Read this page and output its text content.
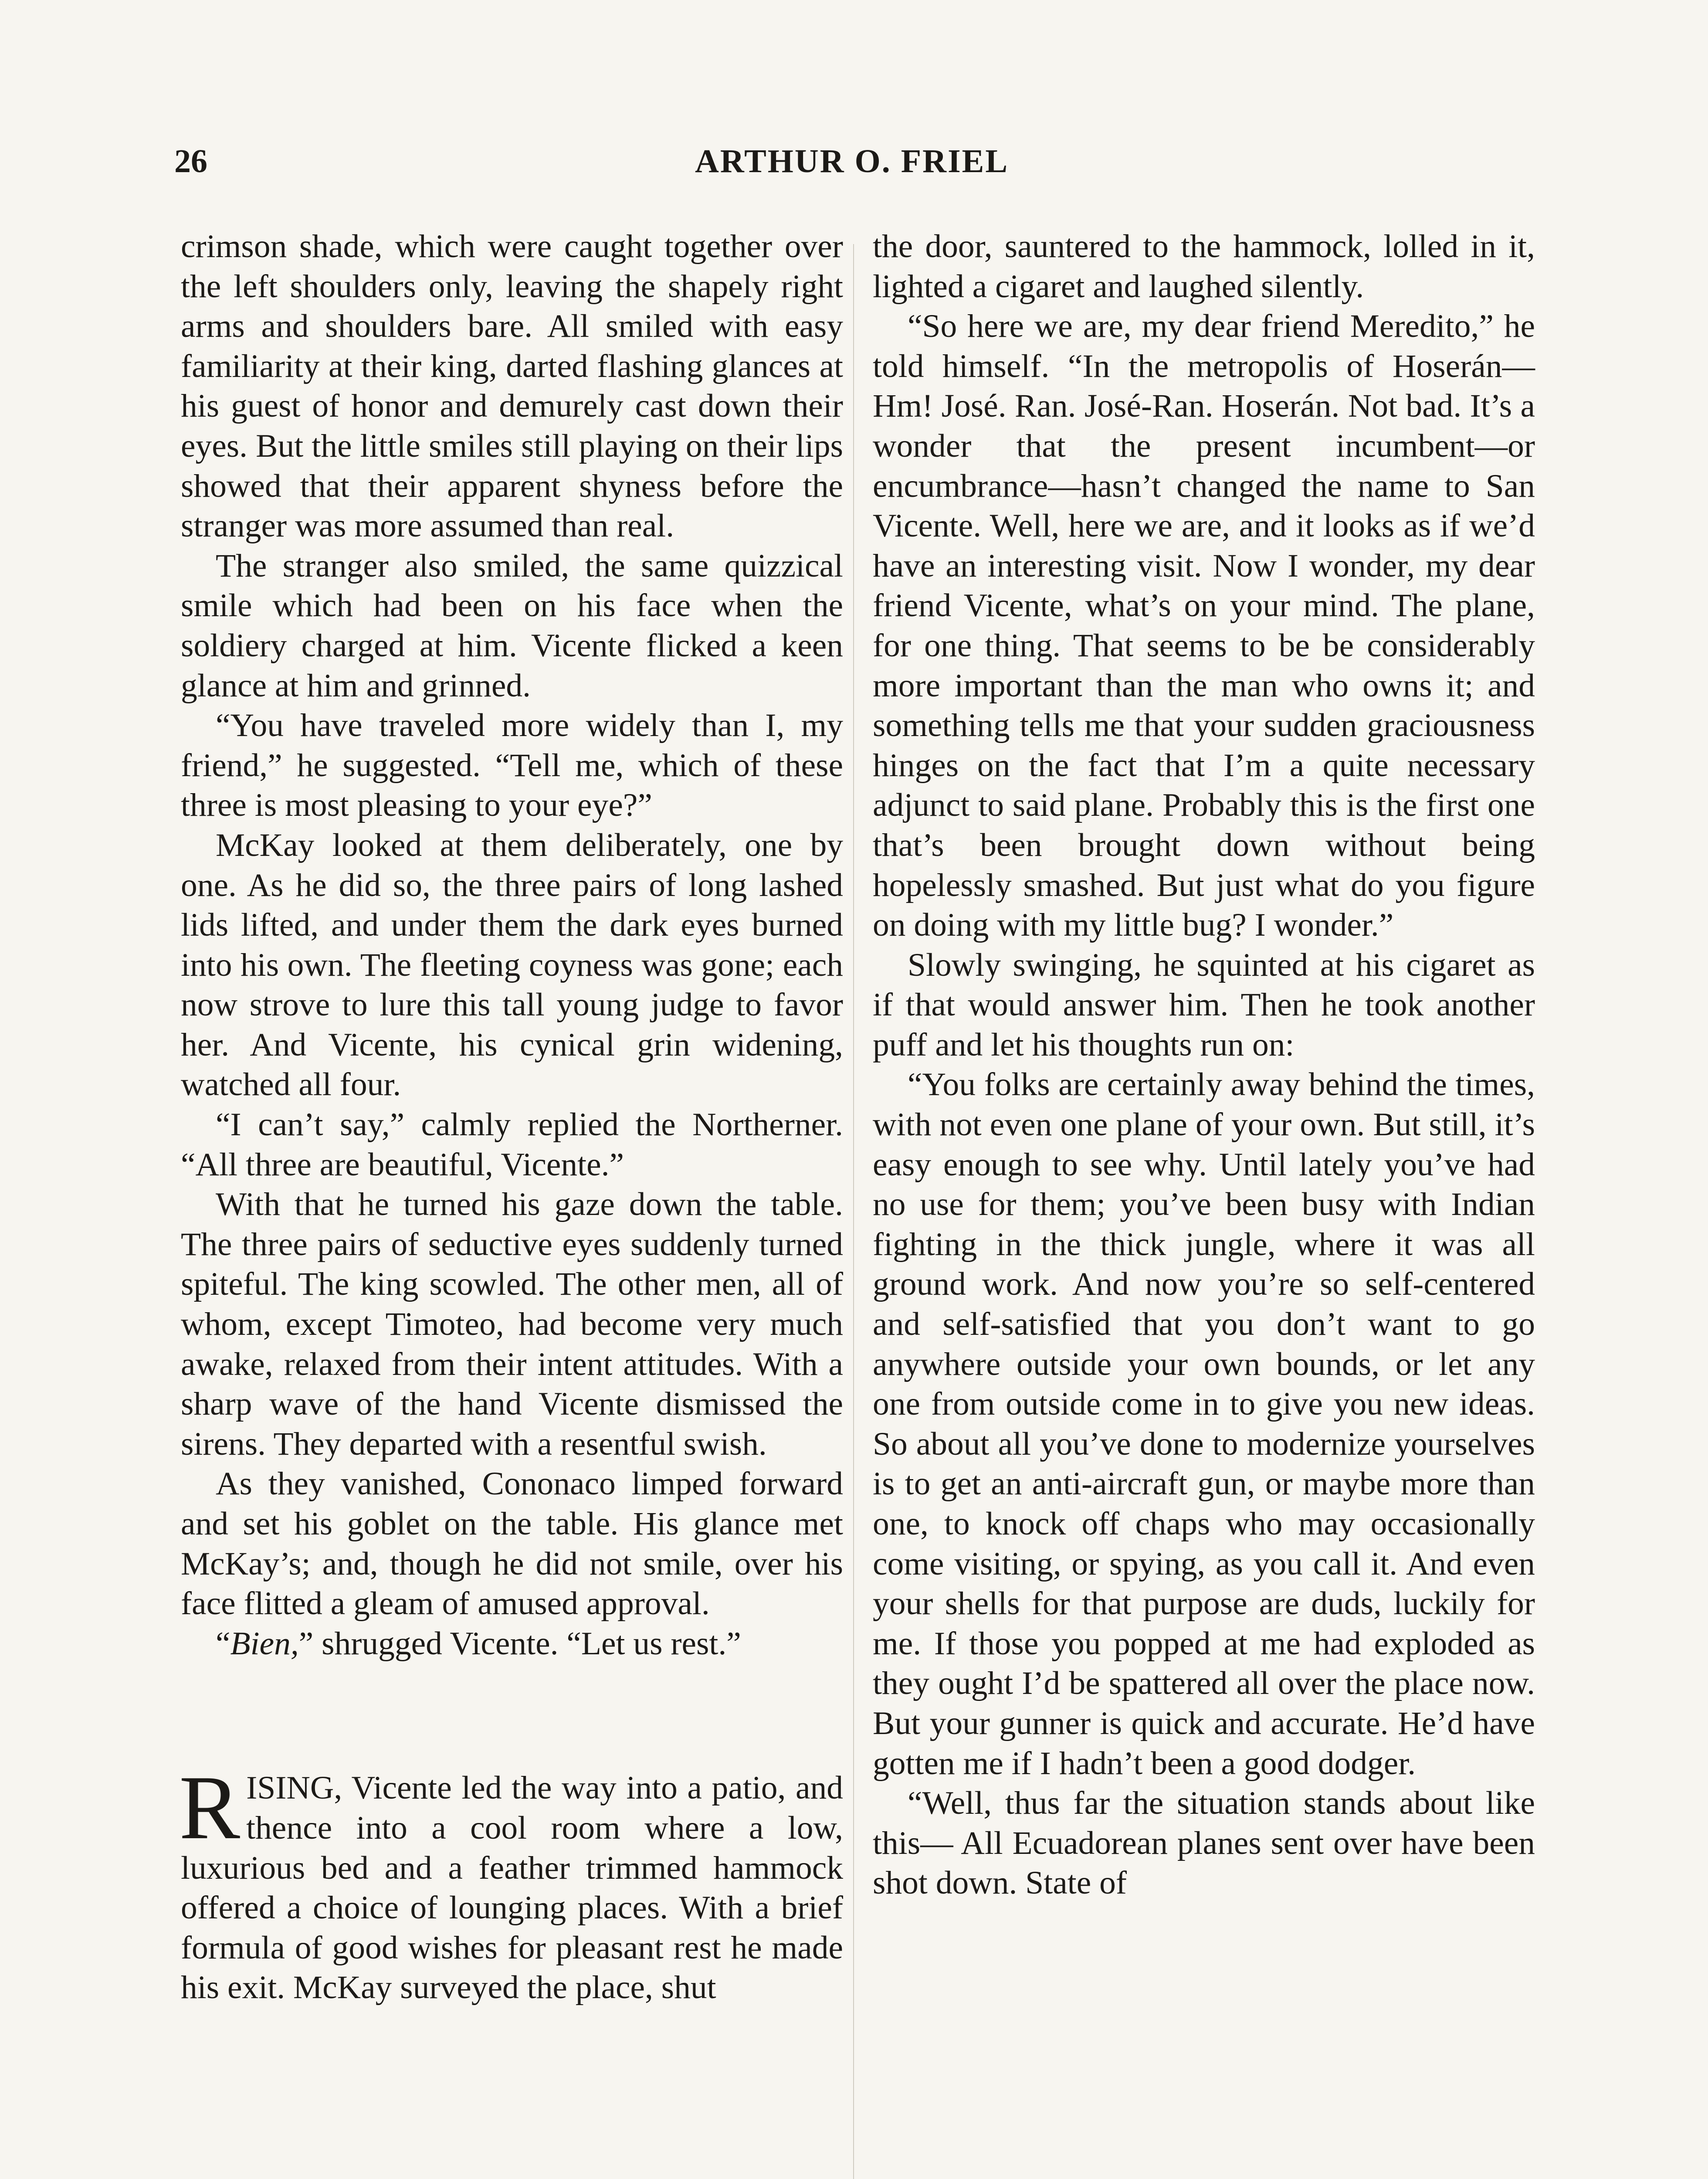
26	ARTHUR O. FRIEL

crimson shade, which were caught together over the left shoulders only, leaving the shapely right arms and shoulders bare. All smiled with easy familiarity at their king, darted flashing glances at his guest of honor and demurely cast down their eyes. But the little smiles still playing on their lips showed that their apparent shyness before the stranger was more assumed than real.

The stranger also smiled, the same quizzical smile which had been on his face when the soldiery charged at him. Vicente flicked a keen glance at him and grinned.

“You have traveled more widely than I, my friend,” he suggested. “Tell me, which of these three is most pleasing to your eye?”

McKay looked at them deliberately, one by one. As he did so, the three pairs of long lashed lids lifted, and under them the dark eyes burned into his own. The fleeting coyness was gone; each now strove to lure this tall young judge to favor her. And Vicente, his cynical grin widening, watched all four.

“I can’t say,” calmly replied the Northerner. “All three are beautiful, Vicente.”

With that he turned his gaze down the table. The three pairs of seductive eyes suddenly turned spiteful. The king scowled. The other men, all of whom, except Timoteo, had become very much awake, relaxed from their intent attitudes. With a sharp wave of the hand Vicente dismissed the sirens. They departed with a resentful swish.

As they vanished, Cononaco limped forward and set his goblet on the table. His glance met McKay’s; and, though he did not smile, over his face flitted a gleam of amused approval.

“Bien,” shrugged Vicente. “Let us rest.”

RISING, Vicente led the way into a patio, and thence into a cool room where a low, luxurious bed and a feather trimmed hammock offered a choice of lounging places. With a brief formula of good wishes for pleasant rest he made his exit. McKay surveyed the place, shut

the door, sauntered to the hammock, lolled in it, lighted a cigaret and laughed silently.

“So here we are, my dear friend Meredito,” he told himself. “In the metropolis of Hoserán— Hm! José. Ran. José-Ran. Hoserán. Not bad. It’s a wonder that the present incumbent—or encumbrance—hasn’t changed the name to San Vicente. Well, here we are, and it looks as if we’d have an interesting visit. Now I wonder, my dear friend Vicente, what’s on your mind. The plane, for one thing. That seems to be be considerably more important than the man who owns it; and something tells me that your sudden graciousness hinges on the fact that I’m a quite necessary adjunct to said plane. Probably this is the first one that’s been brought down without being hopelessly smashed. But just what do you figure on doing with my little bug? I wonder.”

Slowly swinging, he squinted at his cigaret as if that would answer him. Then he took another puff and let his thoughts run on:

“You folks are certainly away behind the times, with not even one plane of your own. But still, it’s easy enough to see why. Until lately you’ve had no use for them; you’ve been busy with Indian fighting in the thick jungle, where it was all ground work. And now you’re so self-centered and self-satisfied that you don’t want to go anywhere outside your own bounds, or let any one from outside come in to give you new ideas. So about all you’ve done to modernize yourselves is to get an anti-aircraft gun, or maybe more than one, to knock off chaps who may occasionally come visiting, or spying, as you call it. And even your shells for that purpose are duds, luckily for me. If those you popped at me had exploded as they ought I’d be spattered all over the place now. But your gunner is quick and accurate. He’d have gotten me if I hadn’t been a good dodger.

“Well, thus far the situation stands about like this— All Ecuadorean planes sent over have been shot down. State of
